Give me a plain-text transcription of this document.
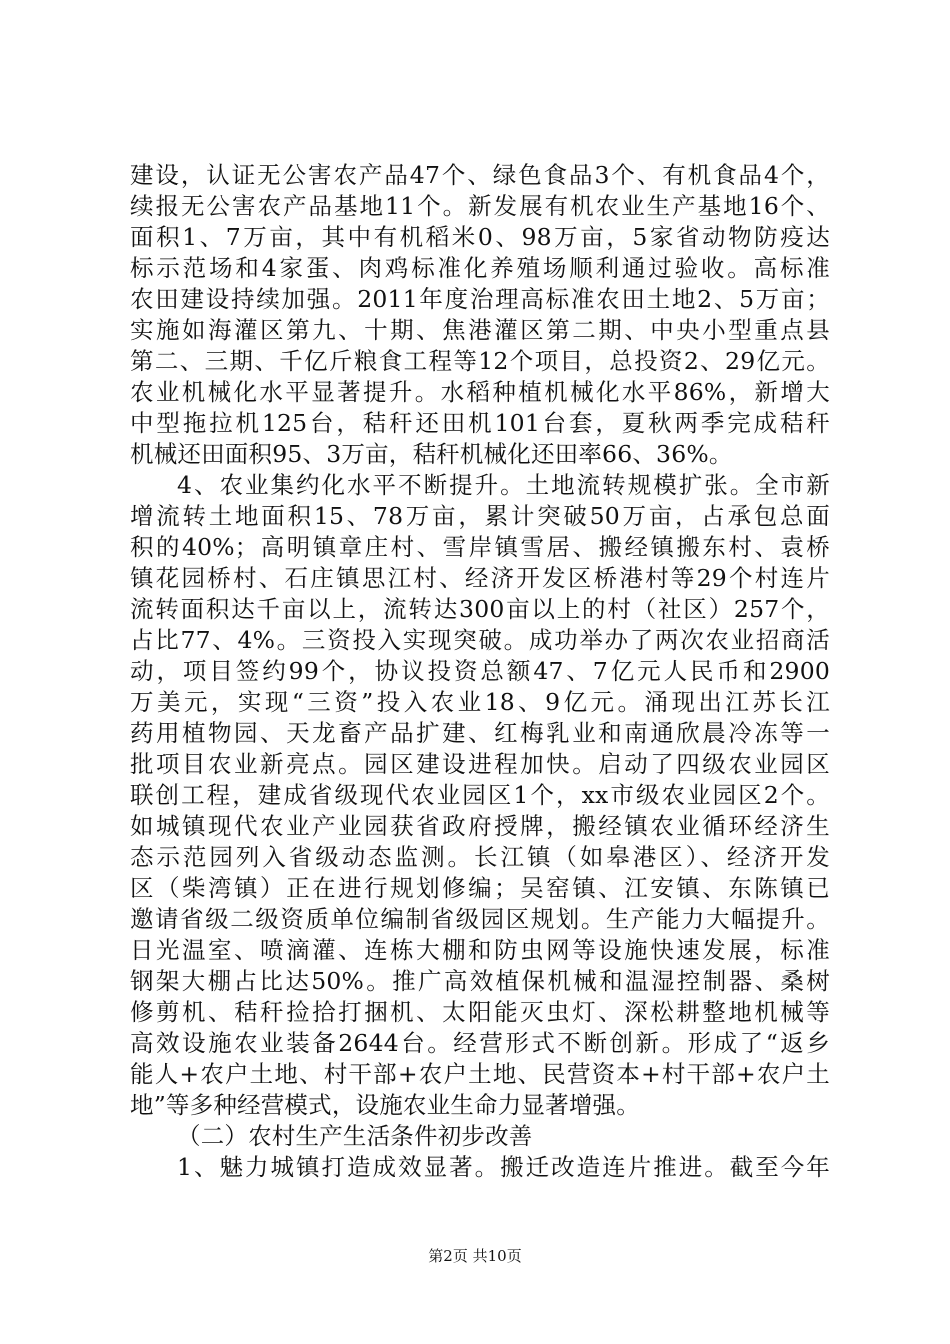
建设，认证无公害农产品47个、绿色食品3个、有机食品4个，
续报无公害农产品基地11个。新发展有机农业生产基地16个、
面积1、7万亩，其中有机稻米0、98万亩，5家省动物防疫达
标示范场和4家蛋、肉鸡标准化养殖场顺利通过验收。高标准
农田建设持续加强。2011年度治理高标准农田土地2、5万亩；
实施如海灌区第九、十期、焦港灌区第二期、中央小型重点县
第二、三期、千亿斤粮食工程等12个项目，总投资2、29亿元。
农业机械化水平显著提升。水稻种植机械化水平86%，新增大
中型拖拉机125台，秸秆还田机101台套，夏秋两季完成秸秆
机械还田面积95、3万亩，秸秆机械化还田率66、36%。
4、农业集约化水平不断提升。土地流转规模扩张。全市新
增流转土地面积15、78万亩，累计突破50万亩，占承包总面
积的40%；高明镇章庄村、雪岸镇雪居、搬经镇搬东村、袁桥
镇花园桥村、石庄镇思江村、经济开发区桥港村等29个村连片
流转面积达千亩以上，流转达300亩以上的村（社区）257个，
占比77、4%。三资投入实现突破。成功举办了两次农业招商活
动，项目签约99个，协议投资总额47、7亿元人民币和2900
万美元，实现“三资”投入农业18、9亿元。涌现出江苏长江
药用植物园、天龙畜产品扩建、红梅乳业和南通欣晨冷冻等一
批项目农业新亮点。园区建设进程加快。启动了四级农业园区
联创工程，建成省级现代农业园区1个，xx市级农业园区2个。
如城镇现代农业产业园获省政府授牌，搬经镇农业循环经济生
态示范园列入省级动态监测。长江镇（如皋港区）、经济开发
区（柴湾镇）正在进行规划修编；吴窑镇、江安镇、东陈镇已
邀请省级二级资质单位编制省级园区规划。生产能力大幅提升。
日光温室、喷滴灌、连栋大棚和防虫网等设施快速发展，标准
钢架大棚占比达50%。推广高效植保机械和温湿控制器、桑树
修剪机、秸秆捡拾打捆机、太阳能灭虫灯、深松耕整地机械等
高效设施农业装备2644台。经营形式不断创新。形成了“返乡
能人+农户土地、村干部+农户土地、民营资本+村干部+农户土
地”等多种经营模式，设施农业生命力显著增强。
（二）农村生产生活条件初步改善
1、魅力城镇打造成效显著。搬迁改造连片推进。截至今年
第2页 共10页
